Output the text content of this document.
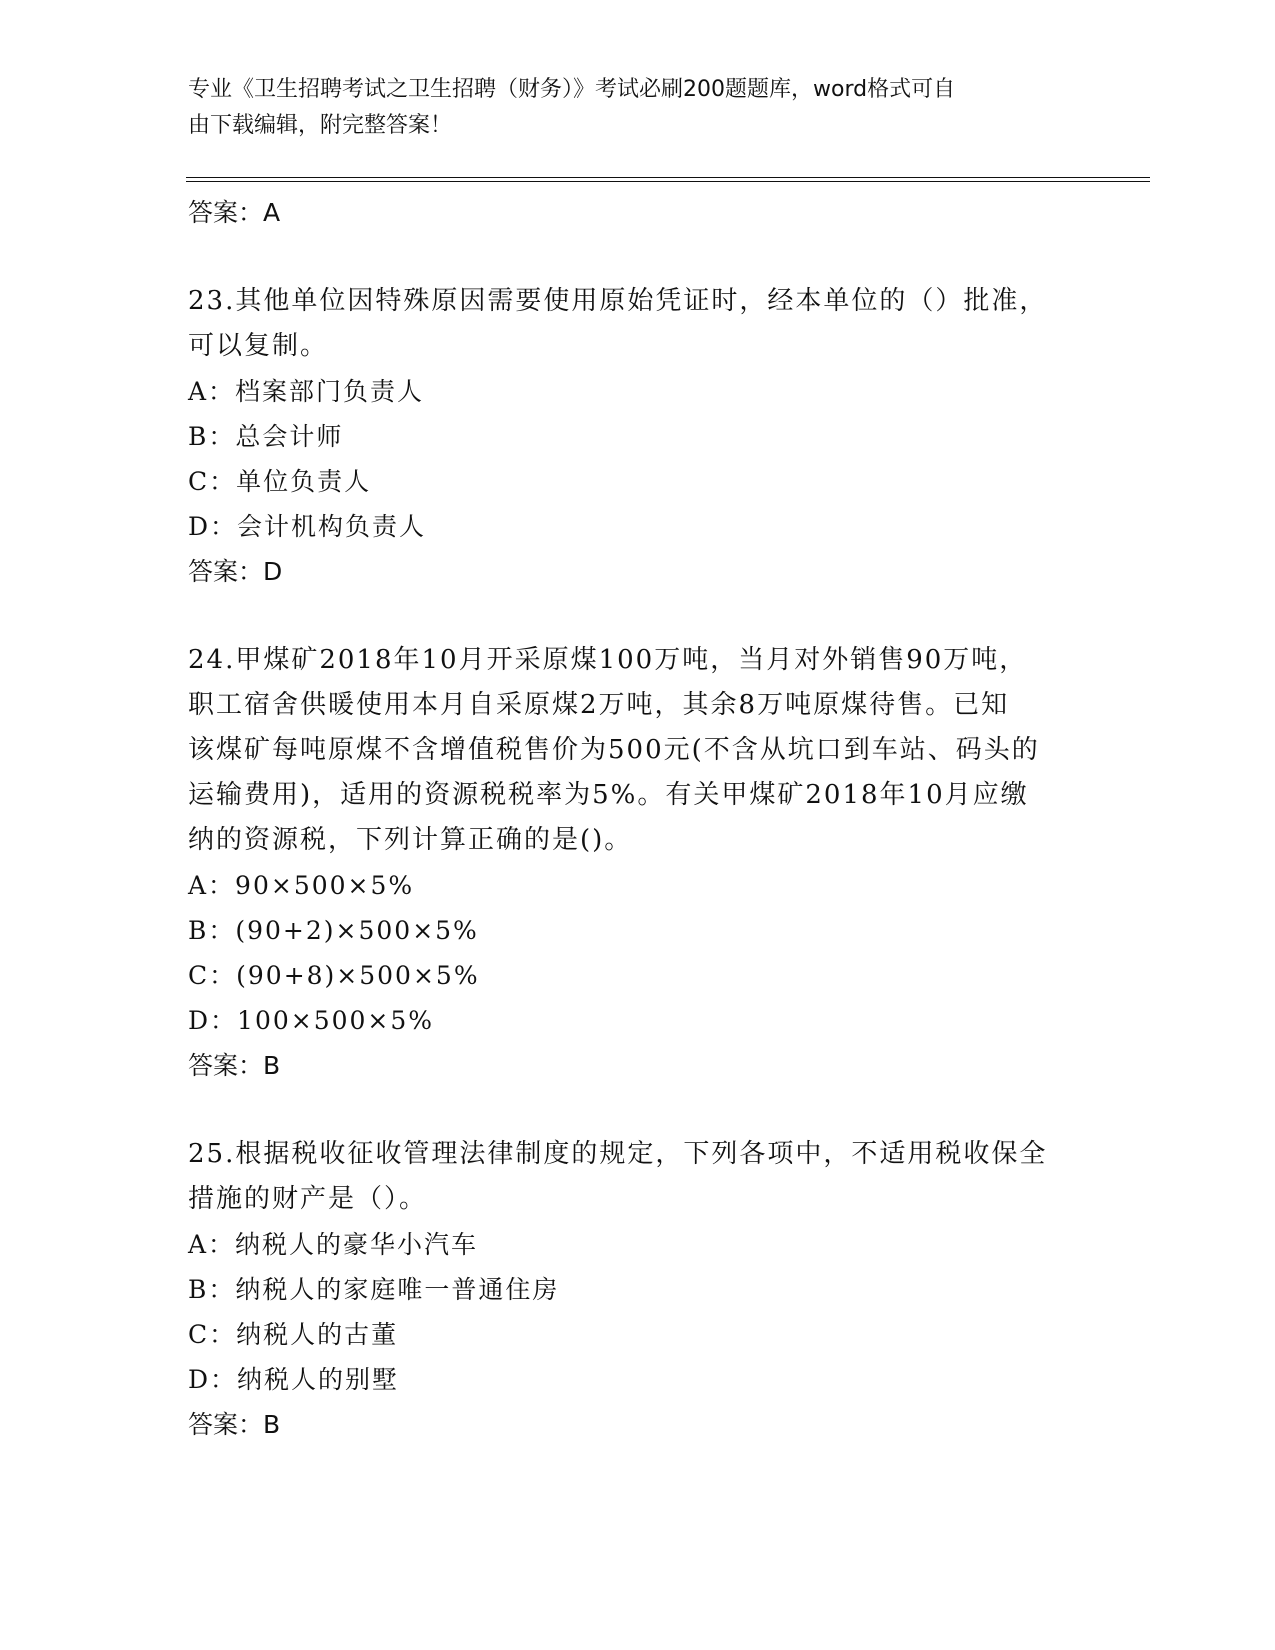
专业《卫生招聘考试之卫生招聘（财务）》考试必刷200题题库，word格式可自
由下载编辑，附完整答案！
答案：A
23.其他单位因特殊原因需要使用原始凭证时，经本单位的（）批准，
可以复制。
A：档案部门负责人
B：总会计师
C：单位负责人
D：会计机构负责人
答案：D
24.甲煤矿2018年10月开采原煤100万吨，当月对外销售90万吨，
职工宿舍供暖使用本月自采原煤2万吨，其余8万吨原煤待售。已知
该煤矿每吨原煤不含增值税售价为500元(不含从坑口到车站、码头的
运输费用)，适用的资源税税率为5%。有关甲煤矿2018年10月应缴
纳的资源税，下列计算正确的是()。
A：90×500×5%
B：(90+2)×500×5%
C：(90+8)×500×5%
D：100×500×5%
答案：B
25.根据税收征收管理法律制度的规定，下列各项中，不适用税收保全
措施的财产是（）。
A：纳税人的豪华小汽车
B：纳税人的家庭唯一普通住房
C：纳税人的古董
D：纳税人的别墅
答案：B
